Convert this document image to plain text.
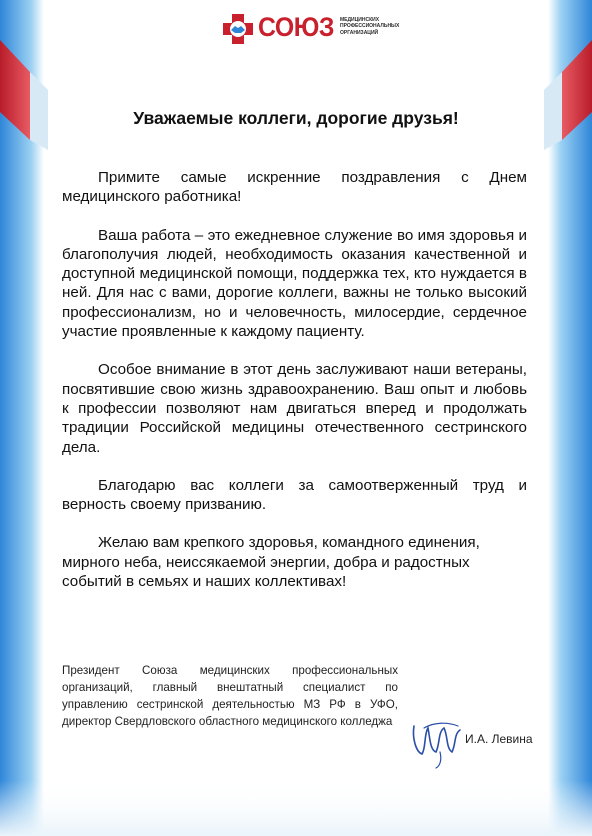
СОЮЗ МЕДИЦИНСКИХ
ПРОФЕССИОНАЛЬНЫХ
ОРГАНИЗАЦИЙ
Уважаемые коллеги, дорогие друзья!

Примите самые искренние поздравления с Днем медицинского работника!

Ваша работа – это ежедневное служение во имя здоровья и благополучия людей, необходимость оказания качественной и доступной медицинской помощи, поддержка тех, кто нуждается в ней. Для нас с вами, дорогие коллеги, важны не только высокий профессионализм, но и человечность, милосердие, сердечное участие проявленные к каждому пациенту.

Особое внимание в этот день заслуживают наши ветераны, посвятившие свою жизнь здравоохранению. Ваш опыт и любовь к профессии позволяют нам двигаться вперед и продолжать традиции Российской медицины отечественного сестринского дела.

Благодарю вас коллеги за самоотверженный труд и верность своему призванию.

Желаю вам крепкого здоровья, командного единения, мирного неба, неиссякаемой энергии, добра и радостных событий в семьях и наших коллективах!

Президент Союза медицинских профессиональных организаций, главный внештатный специалист по управлению сестринской деятельностью МЗ РФ в УФО, директор Свердловского областного медицинского колледжа
И.А. Левина
